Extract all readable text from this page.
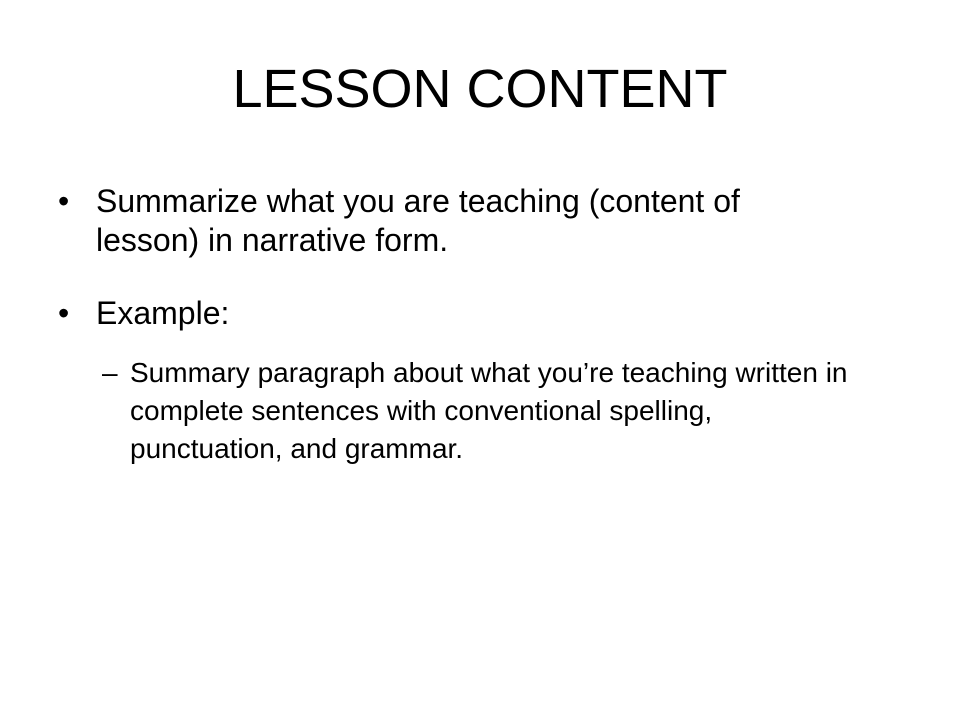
LESSON CONTENT
• Summarize what you are teaching (content of lesson) in narrative form.
• Example:
– Summary paragraph about what you’re teaching written in complete sentences with conventional spelling, punctuation, and grammar.
